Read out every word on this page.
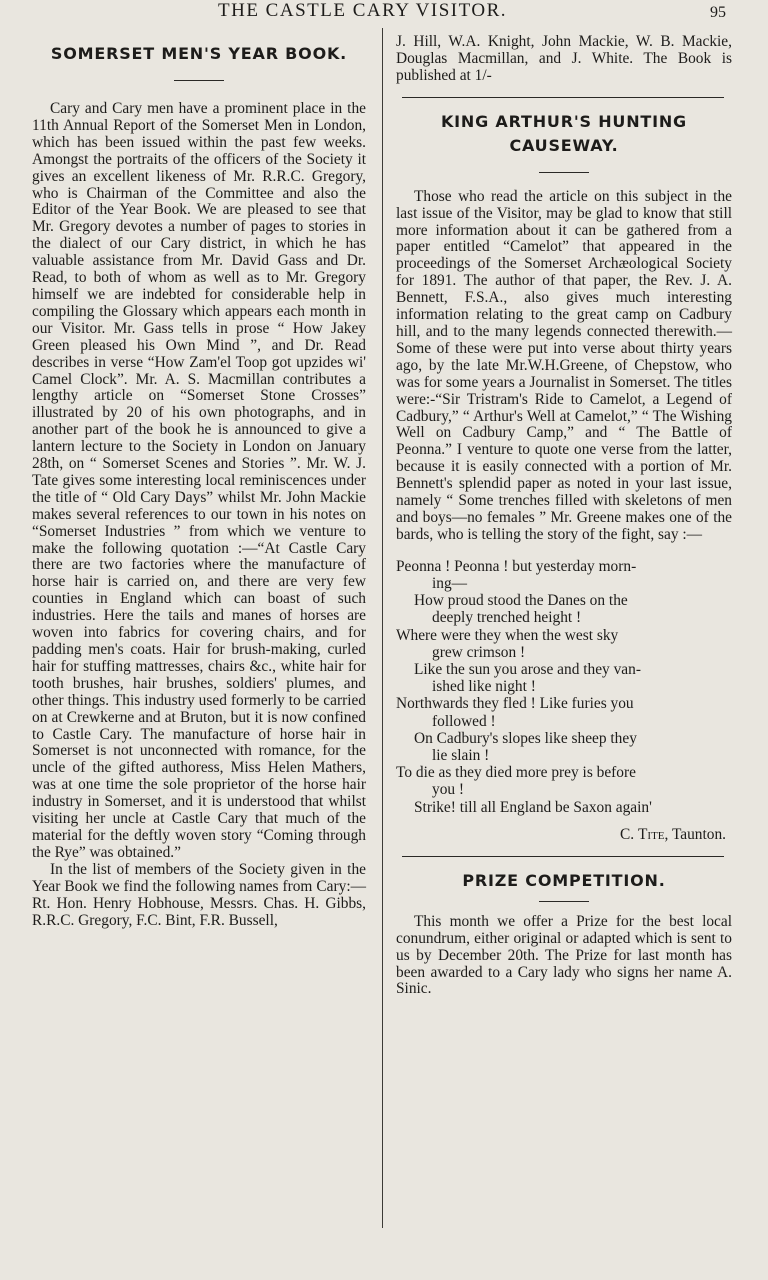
THE CASTLE CARY VISITOR.	95
SOMERSET MEN'S YEAR BOOK.

Cary and Cary men have a prominent place in the 11th Annual Report of the Somerset Men in London, which has been issued within the past few weeks. Amongst the portraits of the officers of the Society it gives an excellent likeness of Mr. R.R.C. Gregory, who is Chairman of the Committee and also the Editor of the Year Book. We are pleased to see that Mr. Gregory devotes a number of pages to stories in the dialect of our Cary district, in which he has valuable assistance from Mr. David Gass and Dr. Read, to both of whom as well as to Mr. Gregory himself we are indebted for considerable help in compiling the Glossary which appears each month in our Visitor. Mr. Gass tells in prose “ How Jakey Green pleased his Own Mind ”, and Dr. Read describes in verse “How Zam'el Toop got upzides wi' Camel Clock”. Mr. A. S. Macmillan contributes a lengthy article on “Somerset Stone Crosses” illustrated by 20 of his own photographs, and in another part of the book he is announced to give a lantern lecture to the Society in London on January 28th, on “ Somerset Scenes and Stories ”. Mr. W. J. Tate gives some interesting local reminiscences under the title of “ Old Cary Days” whilst Mr. John Mackie makes several references to our town in his notes on “Somerset Industries ” from which we venture to make the following quotation :—“At Castle Cary there are two factories where the manufacture of horse hair is carried on, and there are very few counties in England which can boast of such industries. Here the tails and manes of horses are woven into fabrics for covering chairs, and for padding men's coats. Hair for brush-making, curled hair for stuffing mattresses, chairs &c., white hair for tooth brushes, hair brushes, soldiers' plumes, and other things. This industry used formerly to be carried on at Crewkerne and at Bruton, but it is now confined to Castle Cary. The manufacture of horse hair in Somerset is not unconnected with romance, for the uncle of the gifted authoress, Miss Helen Mathers, was at one time the sole proprietor of the horse hair industry in Somerset, and it is understood that whilst visiting her uncle at Castle Cary that much of the material for the deftly woven story “Coming through the Rye” was obtained.”

In the list of members of the Society given in the Year Book we find the following names from Cary:—Rt. Hon. Henry Hobhouse, Messrs. Chas. H. Gibbs, R.R.C. Gregory, F.C. Bint, F.R. Bussell,

J. Hill, W.A. Knight, John Mackie, W. B. Mackie, Douglas Macmillan, and J. White. The Book is published at 1/-

KING ARTHUR'S HUNTING
CAUSEWAY.

Those who read the article on this subject in the last issue of the Visitor, may be glad to know that still more information about it can be gathered from a paper entitled “Camelot” that appeared in the proceedings of the Somerset Archæological Society for 1891. The author of that paper, the Rev. J. A. Bennett, F.S.A., also gives much interesting information relating to the great camp on Cadbury hill, and to the many legends connected therewith.—Some of these were put into verse about thirty years ago, by the late Mr.W.H.Greene, of Chepstow, who was for some years a Journalist in Somerset. The titles were:-“Sir Tristram's Ride to Camelot, a Legend of Cadbury,” “ Arthur's Well at Camelot,” “ The Wishing Well on Cadbury Camp,” and “ The Battle of Peonna.” I venture to quote one verse from the latter, because it is easily connected with a portion of Mr. Bennett's splendid paper as noted in your last issue, namely “ Some trenches filled with skeletons of men and boys—no females ” Mr. Greene makes one of the bards, who is telling the story of the fight, say :—

Peonna ! Peonna ! but yesterday morn-
ing—
How proud stood the Danes on the
deeply trenched height !
Where were they when the west sky
grew crimson !
Like the sun you arose and they van-
ished like night !
Northwards they fled ! Like furies you
followed !
On Cadbury's slopes like sheep they
lie slain !
To die as they died more prey is before
you !
Strike! till all England be Saxon again'
C. Tite, Taunton.
PRIZE COMPETITION.

This month we offer a Prize for the best local conundrum, either original or adapted which is sent to us by December 20th. The Prize for last month has been awarded to a Cary lady who signs her name A. Sinic.
